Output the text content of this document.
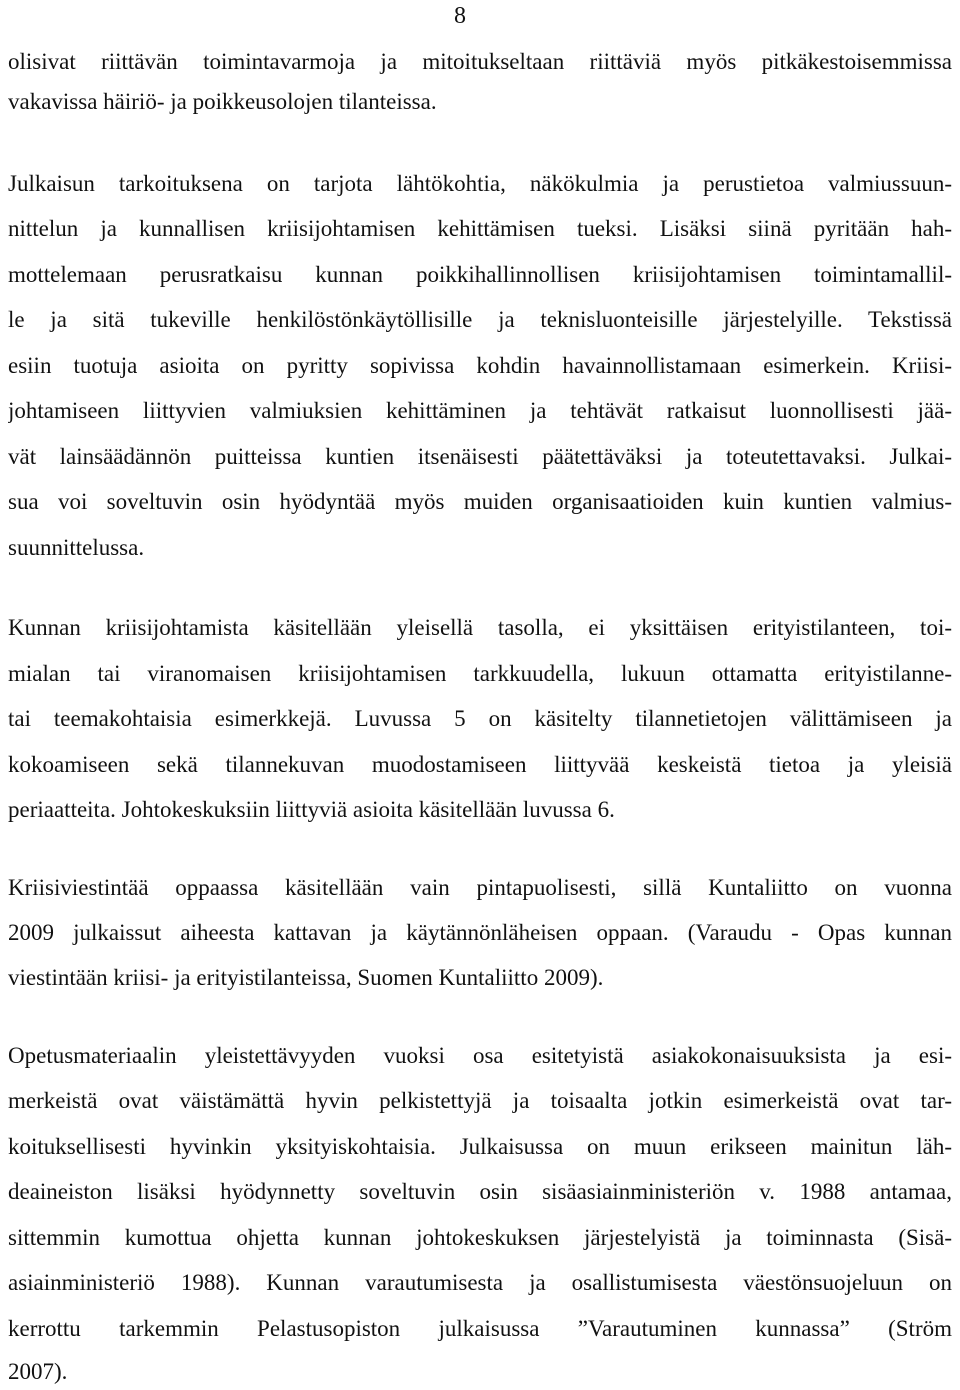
8
olisivat riittävän toimintavarmoja ja mitoitukseltaan riittäviä myös pitkäkestoisemmissa
vakavissa häiriö- ja poikkeusolojen tilanteissa.
Julkaisun tarkoituksena on tarjota lähtökohtia, näkökulmia ja perustietoa valmiussuun-
nittelun ja kunnallisen kriisijohtamisen kehittämisen tueksi. Lisäksi siinä pyritään hah-
mottelemaan perusratkaisu kunnan poikkihallinnollisen kriisijohtamisen toimintamallil-
le ja sitä tukeville henkilöstönkäytöllisille ja teknisluonteisille järjestelyille. Tekstissä
esiin tuotuja asioita on pyritty sopivissa kohdin havainnollistamaan esimerkein. Kriisi-
johtamiseen liittyvien valmiuksien kehittäminen ja tehtävät ratkaisut luonnollisesti jää-
vät lainsäädännön puitteissa kuntien itsenäisesti päätettäväksi ja toteutettavaksi. Julkai-
sua voi soveltuvin osin hyödyntää myös muiden organisaatioiden kuin kuntien valmius-
suunnittelussa.
Kunnan kriisijohtamista käsitellään yleisellä tasolla, ei yksittäisen erityistilanteen, toi-
mialan tai viranomaisen kriisijohtamisen tarkkuudella, lukuun ottamatta erityistilanne-
tai teemakohtaisia esimerkkejä. Luvussa 5 on käsitelty tilannetietojen välittämiseen ja
kokoamiseen sekä tilannekuvan muodostamiseen liittyvää keskeistä tietoa ja yleisiä
periaatteita. Johtokeskuksiin liittyviä asioita käsitellään luvussa 6.
Kriisiviestintää oppaassa käsitellään vain pintapuolisesti, sillä Kuntaliitto on vuonna
2009 julkaissut aiheesta kattavan ja käytännönläheisen oppaan. (Varaudu - Opas kunnan
viestintään kriisi- ja erityistilanteissa, Suomen Kuntaliitto 2009).
Opetusmateriaalin yleistettävyyden vuoksi osa esitetyistä asiakokonaisuuksista ja esi-
merkeistä ovat väistämättä hyvin pelkistettyjä ja toisaalta jotkin esimerkeistä ovat tar-
koituksellisesti hyvinkin yksityiskohtaisia. Julkaisussa on muun erikseen mainitun läh-
deaineiston lisäksi hyödynnetty soveltuvin osin sisäasiainministeriön v. 1988 antamaa,
sittemmin kumottua ohjetta kunnan johtokeskuksen järjestelyistä ja toiminnasta (Sisä-
asiainministeriö 1988). Kunnan varautumisesta ja osallistumisesta väestönsuojeluun on
kerrottu tarkemmin Pelastusopiston julkaisussa ”Varautuminen kunnassa” (Ström
2007).
